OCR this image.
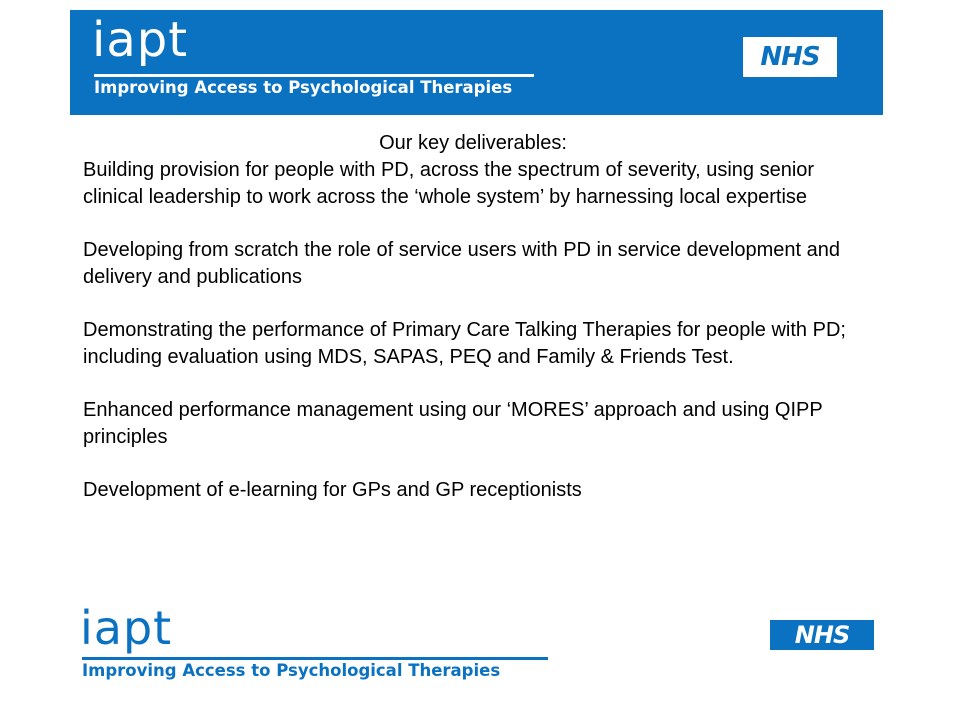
iapt
Improving Access to Psychological Therapies
NHS

Our key deliverables:

Building provision for people with PD, across the spectrum of severity, using senior clinical leadership to work across the ‘whole system’ by harnessing local expertise

Developing from scratch the role of service users with PD in service development and delivery and publications

Demonstrating the performance of Primary Care Talking Therapies for people with PD; including evaluation using MDS, SAPAS, PEQ and Family & Friends Test.

Enhanced performance management using our ‘MORES’ approach and using QIPP principles

Development of e-learning for GPs and GP receptionists

iapt
Improving Access to Psychological Therapies
NHS
